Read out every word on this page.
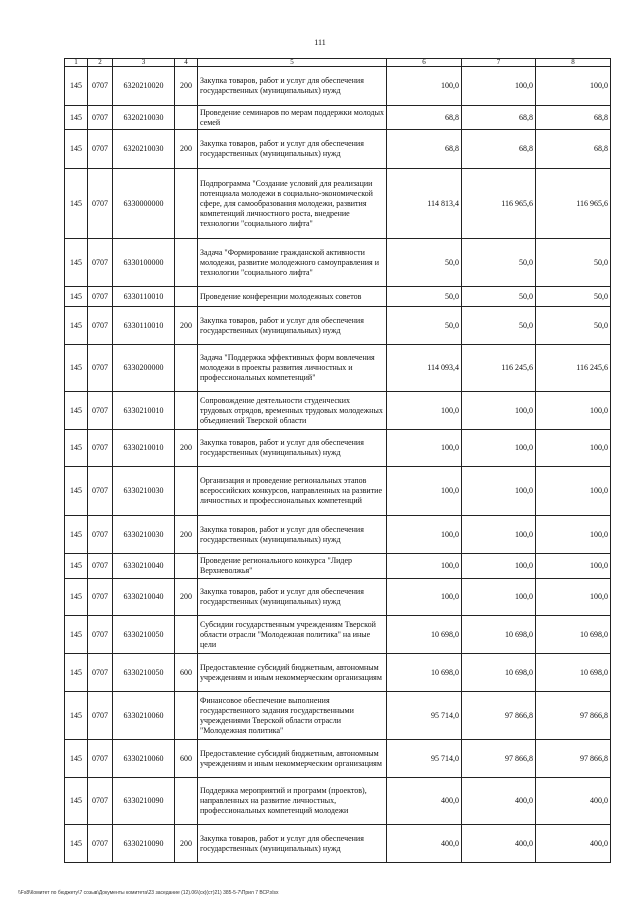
111
1	2	3	4	5	6	7	8
145	0707	6320210020	200	Закупка товаров, работ и услуг для обеспечения государственных (муниципальных) нужд	100,0	100,0	100,0
145	0707	6320210030		Проведение семинаров по мерам поддержки молодых семей	68,8	68,8	68,8
145	0707	6320210030	200	Закупка товаров, работ и услуг для обеспечения государственных (муниципальных) нужд	68,8	68,8	68,8
145	0707	6330000000		Подпрограмма "Создание условий для реализации потенциала молодежи в социально-экономической сфере, для самообразования молодежи, развития компетенций личностного роста, внедрение технологии "социального лифта"	114 813,4	116 965,6	116 965,6
145	0707	6330100000		Задача "Формирование гражданской активности молодежи, развитие молодежного самоуправления и технологии "социального лифта"	50,0	50,0	50,0
145	0707	6330110010		Проведение конференции молодежных советов	50,0	50,0	50,0
145	0707	6330110010	200	Закупка товаров, работ и услуг для обеспечения государственных (муниципальных) нужд	50,0	50,0	50,0
145	0707	6330200000		Задача "Поддержка эффективных форм вовлечения молодежи в проекты развития личностных и профессиональных компетенций"	114 093,4	116 245,6	116 245,6
145	0707	6330210010		Сопровождение деятельности студенческих трудовых отрядов, временных трудовых молодежных объединений Тверской области	100,0	100,0	100,0
145	0707	6330210010	200	Закупка товаров, работ и услуг для обеспечения государственных (муниципальных) нужд	100,0	100,0	100,0
145	0707	6330210030		Организация и проведение региональных этапов всероссийских конкурсов, направленных на развитие личностных и профессиональных компетенций	100,0	100,0	100,0
145	0707	6330210030	200	Закупка товаров, работ и услуг для обеспечения государственных (муниципальных) нужд	100,0	100,0	100,0
145	0707	6330210040		Проведение регионального конкурса "Лидер Верхневолжья"	100,0	100,0	100,0
145	0707	6330210040	200	Закупка товаров, работ и услуг для обеспечения государственных (муниципальных) нужд	100,0	100,0	100,0
145	0707	6330210050		Субсидии государственным учреждениям Тверской области отрасли "Молодежная политика" на иные цели	10 698,0	10 698,0	10 698,0
145	0707	6330210050	600	Предоставление субсидий бюджетным, автономным учреждениям и иным некоммерческим организациям	10 698,0	10 698,0	10 698,0
145	0707	6330210060		Финансовое обеспечение выполнения государственного задания государственными учреждениями Тверской области отрасли "Молодежная политика"	95 714,0	97 866,8	97 866,8
145	0707	6330210060	600	Предоставление субсидий бюджетным, автономным учреждениям и иным некоммерческим организациям	95 714,0	97 866,8	97 866,8
145	0707	6330210090		Поддержка мероприятий и программ (проектов), направленных на развитие личностных, профессиональных компетенций молодежи	400,0	400,0	400,0
145	0707	6330210090	200	Закупка товаров, работ и услуг для обеспечения государственных (муниципальных) нужд	400,0	400,0	400,0
\\Fs8\Комитет по бюджету\7 созыв\Документы комитета\23 заседание (12).06\(ск)(ст)21) 385-5-7\Прил 7 ВСР.xlsx
